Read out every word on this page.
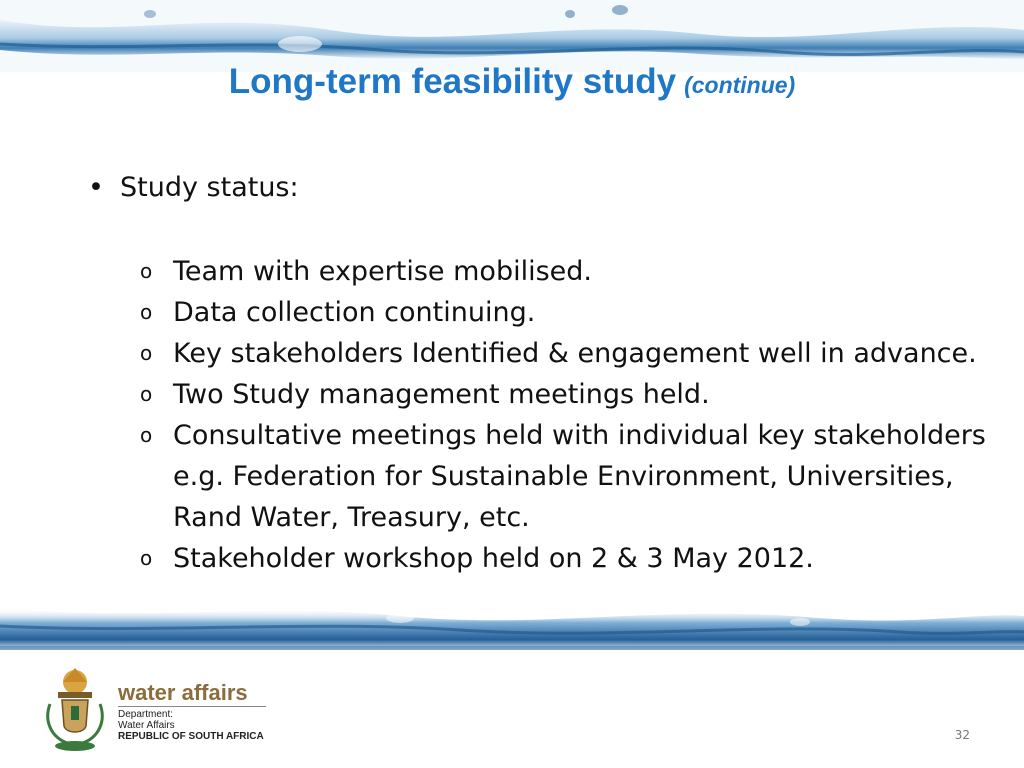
Long-term feasibility study (continue)
• Study status:
o Team with expertise mobilised.
o Data collection continuing.
o Key stakeholders Identified & engagement well in advance.
o Two Study management meetings held.
o Consultative meetings held with individual key stakeholders e.g. Federation for Sustainable Environment, Universities, Rand Water, Treasury, etc.
o Stakeholder workshop held on 2 & 3 May 2012.
water affairs
Department:
Water Affairs
REPUBLIC OF SOUTH AFRICA	32
